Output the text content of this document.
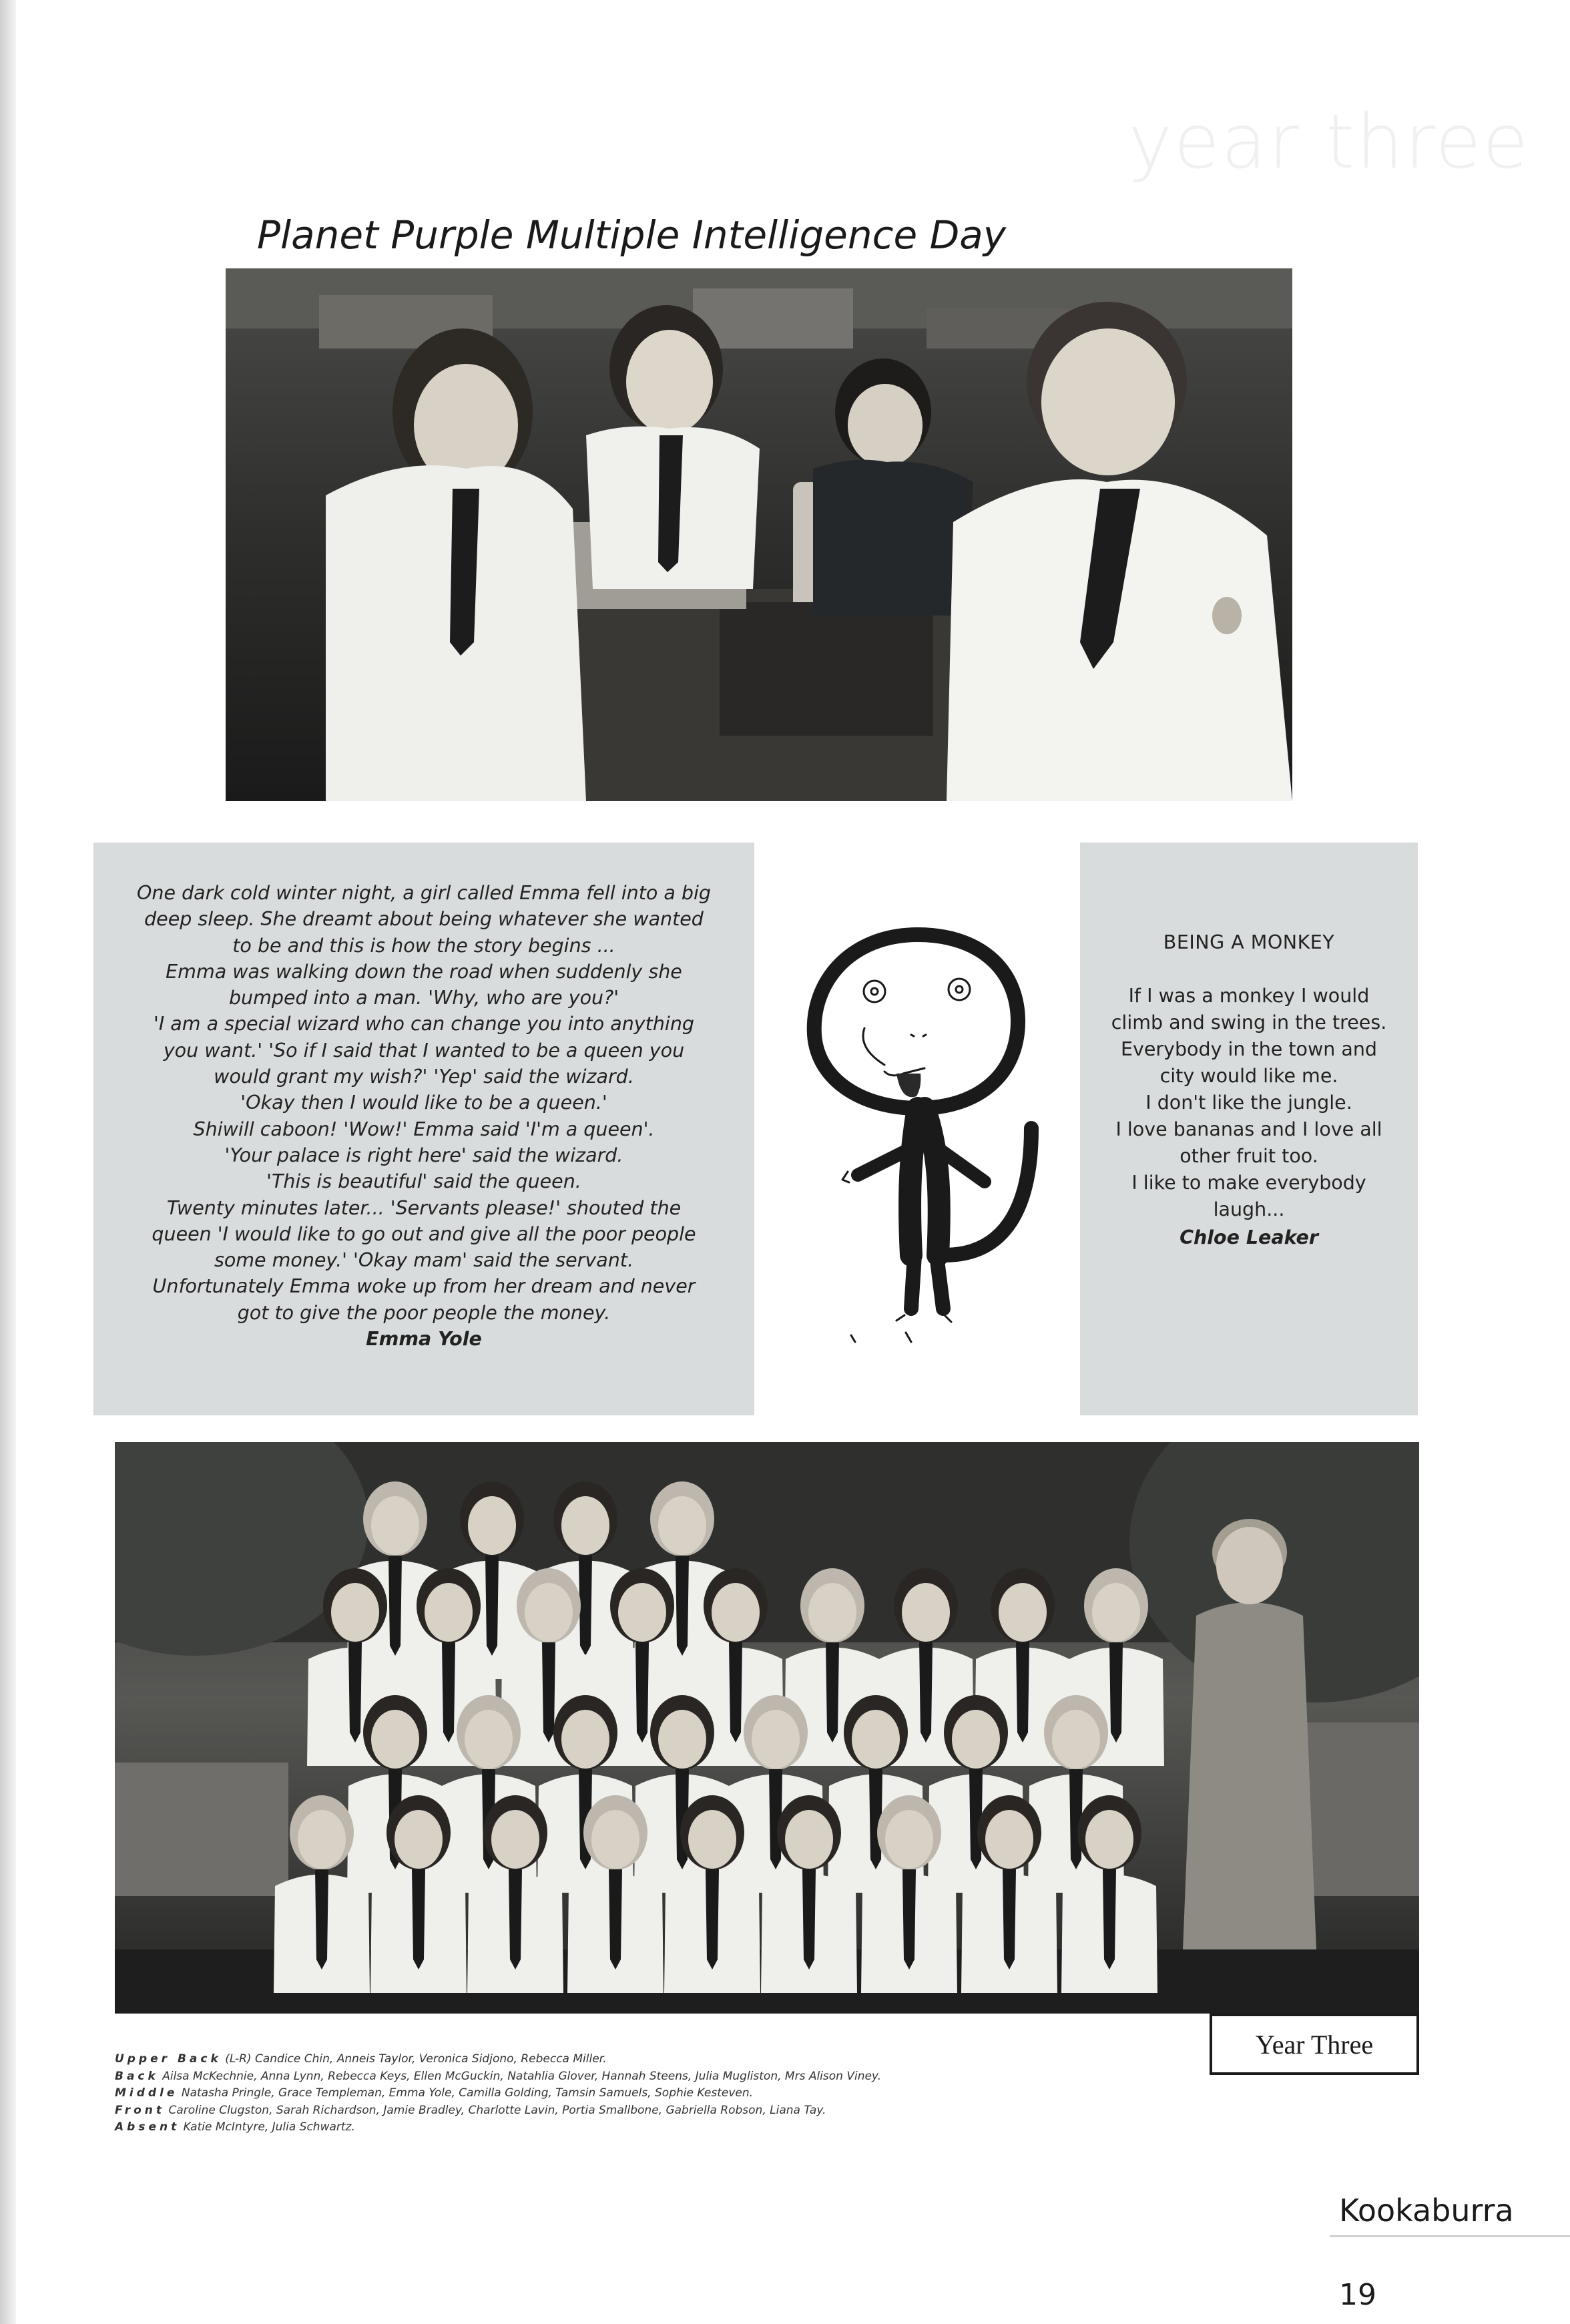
year three
Planet Purple Multiple Intelligence Day
One dark cold winter night, a girl called Emma fell into a big
deep sleep. She dreamt about being whatever she wanted
to be and this is how the story begins ...
Emma was walking down the road when suddenly she
bumped into a man. 'Why, who are you?'
'I am a special wizard who can change you into anything
you want.' 'So if I said that I wanted to be a queen you
would grant my wish?' 'Yep' said the wizard.
'Okay then I would like to be a queen.'
Shiwill caboon! 'Wow!' Emma said 'I'm a queen'.
'Your palace is right here' said the wizard.
'This is beautiful' said the queen.
Twenty minutes later... 'Servants please!' shouted the
queen 'I would like to go out and give all the poor people
some money.' 'Okay mam' said the servant.
Unfortunately Emma woke up from her dream and never
got to give the poor people the money.
Emma Yole
BEING A MONKEY
If I was a monkey I would
climb and swing in the trees.
Everybody in the town and
city would like me.
I don't like the jungle.
I love bananas and I love all
other fruit too.
I like to make everybody
laugh...
Chloe Leaker
Year Three
Upper Back (L-R) Candice Chin, Anneis Taylor, Veronica Sidjono, Rebecca Miller.
Back Ailsa McKechnie, Anna Lynn, Rebecca Keys, Ellen McGuckin, Natahlia Glover, Hannah Steens, Julia Mugliston, Mrs Alison Viney.
Middle Natasha Pringle, Grace Templeman, Emma Yole, Camilla Golding, Tamsin Samuels, Sophie Kesteven.
Front Caroline Clugston, Sarah Richardson, Jamie Bradley, Charlotte Lavin, Portia Smallbone, Gabriella Robson, Liana Tay.
Absent Katie McIntyre, Julia Schwartz.
Kookaburra
19
